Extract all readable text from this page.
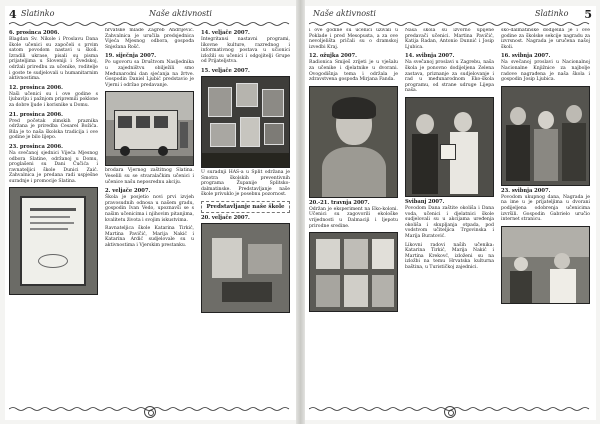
4 Slatinko	Naše aktivnosti
6. prosinca 2006.

Blagdan Sv. Nikole i Proslavu Dana škole učenici su započeli s prvim satom povodom nastavi u školi. Izradili ukrase, pisali su pisma prijateljima u Sloveniji i Švedskoj, održali priredbu za učenike, roditelje i goste te sudjelovali u humanitarnim aktivnostima.

12. prosinca 2006.

Naši učenici su i ove godine s ljubavlju i pažnjom pripremili poklone za dobre ljude i korisnike u Domu.

21. prosinca 2006.

Pred početak zimskih praznika održana je priredba Cesarel Božića. Bila je to naša školska tradicija i ove godine je bilo lijepo.

23. prosinca 2006.

Na svečanoj sjednici Vijeća Mjesnog odbora Slatine, održanoj u Domu, proglašeni su Dani Čučića i ravnateljici škole Dunici Zaić. Zahvalnica je predana radi uspješne suradnje i promocije Slatina.

hrvatske mlade Zagreb Andrijević. Zahvalnica je uručila predsjednica Vijeća Mjesnog odbora, gospođa Snježana Rošć.

19. siječnja 2007.

Po ugovoru sa Društvom Nasljednika u zajedništvu obilježili smo Međunarodni dan sjećanja na žrtve. Gospodin Daniel Ljubić predstavio je Vjerni i održao predavanje.

brodara Vjernog zaštitnog Slatina. Veselili su se stvaralačkim učenici i učenice našu neposrednu akciju.

2. veljače 2007.

Škola je posjetio novi prvi izvjeh pravosudnih odnosa u našem gradu, gospodin Ivan Vedo, upoznavši se s našim učenicima i njihovim pitanjima, kvalitetu života i svojim iskustvima.

Ravnateljica škole Katarina Tirkić, Martina Pavičić, Marija Nakić i Katarina Ardić sudjelovale su u aktivnostima i Vjerskim prestanku.

14. veljače 2007.

Integritansi nastavni programi, likovne kulture, razrednog i informativnog postava u učionici izložili su učenici i odgojitelji Grupe od Prijateljstva.

15. veljače 2007.

U suradnji HAS-a u Split održana je Smotra školskih preventivnih programa Županije Splitsko-dalmatinske. Predstavljanje naše škole privuklo je posebnu pozornost.

Predstavljanje naše škole
20. veljače 2007.
Naše aktivnosti	Slatinko 5

i ove godine su učenici uživali u Poklade i pred Mesopusta, a za ove nevoljelišta pričali su o dramskoj izvedbi Kraj.

12. ožujka 2007.

Radionica Smiješ zrijeti je u vješalu za učenike i djelatnike u dvorani. Ovogodišnja tema i održala je zdravstvena gospođa Mirjana Fanda.

20.-21. travnja 2007.

Održan je eksperiment na Eko-koloni. Učenici su zagovorili ekološke vrijednosti u Dalmaciji i ljepotu prirodne sredine.

Naša škola su izvorno upijene predavači učenici. Martina Pavičić, Katija Radan, Antonio Dunnić i Josip Ljubica.

14. svibnja 2007.

Na svečanoj proslavi u Zagrebu, naša škola je ponovno dodijeljena Zelena zastava, priznanje za sudjelovanje i rad u međunarodnom Eko-škola programu, od strane udruge Lijepa naša.

Svibanj 2007.

Povodom Dana zaštite okoliša i Dana voda, učenici i djelatnici škole sudjelovali su u akcijama uređenja okoliša i skupljanja otpada, pod vodstvom učiteljica Trgovinska i Marija Buratović.

Likovni radovi naših učenika: Katarina Tirkić, Marija Nakić i Martina Krekovć, izloženi su na izložbi na temu Hrvatska kulturna baština, u Turističkoj zajednici.

sko-dalmatinske dodijelila je i ove godine za školske sekcije nagradu za izvrsnost. Nagrada je uručena našoj školi.

16. svibnja 2007.

Na svečanoj proslavi u Nacionalnoj Nacionalne Knjižnice za najbolje radove nagrađena je naša škola i gospodin Josip Ljubica.

23. svibnja 2007.

Povodom ukupnog dana, Nagrada je na ime u je prijateljima u dvorani podijeljena odobrenja učenicima izvršili. Gospodin Gabrielo uručio internet stranicu.
